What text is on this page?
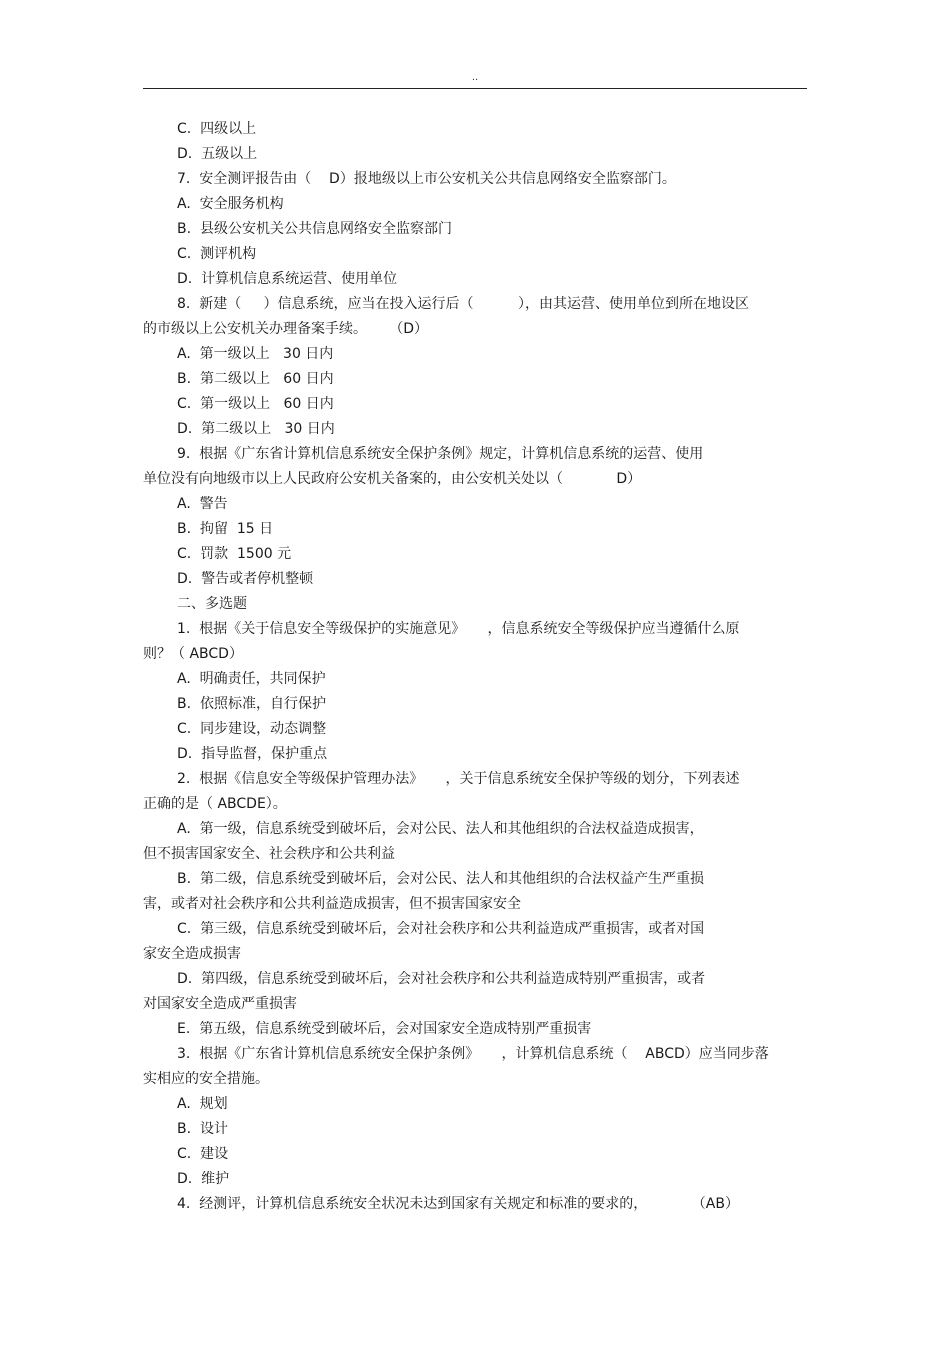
..
C.  四级以上
D.  五级以上
7.  安全测评报告由（    D）报地级以上市公安机关公共信息网络安全监察部门。
A.  安全服务机构
B.  县级公安机关公共信息网络安全监察部门
C.  测评机构
D.  计算机信息系统运营、使用单位
8.  新建（     ）信息系统，应当在投入运行后（          ），由其运营、使用单位到所在地设区
的市级以上公安机关办理备案手续。     （D）
A.  第一级以上   30 日内
B.  第二级以上   60 日内
C.  第一级以上   60 日内
D.  第二级以上   30 日内
9.  根据《广东省计算机信息系统安全保护条例》规定，计算机信息系统的运营、使用
单位没有向地级市以上人民政府公安机关备案的，由公安机关处以（            D）
A.  警告
B.  拘留  15 日
C.  罚款  1500 元
D.  警告或者停机整顿
二、多选题
1.  根据《关于信息安全等级保护的实施意见》     ，信息系统安全等级保护应当遵循什么原
则？（ ABCD）
A.  明确责任，共同保护
B.  依照标准，自行保护
C.  同步建设，动态调整
D.  指导监督，保护重点
2.  根据《信息安全等级保护管理办法》     ，关于信息系统安全保护等级的划分，下列表述
正确的是（ ABCDE）。
A.  第一级，信息系统受到破坏后，会对公民、法人和其他组织的合法权益造成损害，
但不损害国家安全、社会秩序和公共利益
B.  第二级，信息系统受到破坏后，会对公民、法人和其他组织的合法权益产生严重损
害，或者对社会秩序和公共利益造成损害，但不损害国家安全
C.  第三级，信息系统受到破坏后，会对社会秩序和公共利益造成严重损害，或者对国
家安全造成损害
D.  第四级，信息系统受到破坏后，会对社会秩序和公共利益造成特别严重损害，或者
对国家安全造成严重损害
E.  第五级，信息系统受到破坏后，会对国家安全造成特别严重损害
3.  根据《广东省计算机信息系统安全保护条例》     ，计算机信息系统（    ABCD）应当同步落
实相应的安全措施。
A.  规划
B.  设计
C.  建设
D.  维护
4.  经测评，计算机信息系统安全状况未达到国家有关规定和标准的要求的，          （AB）
